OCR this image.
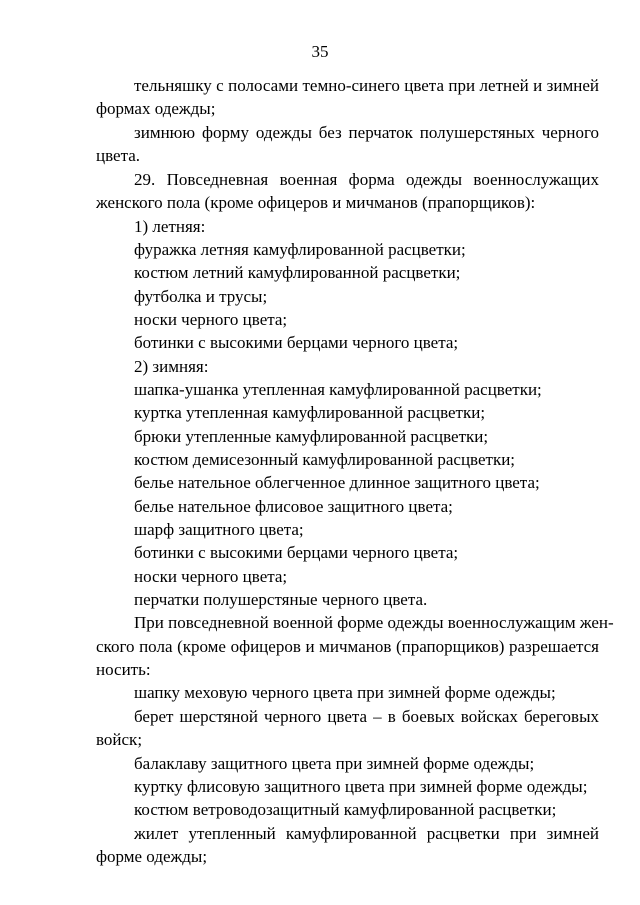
35
тельняшку с полосами темно-синего цвета при летней и зимней
формах одежды;
зимнюю форму одежды без перчаток полушерстяных черного
цвета.
29. Повседневная военная форма одежды военнослужащих
женского пола (кроме офицеров и мичманов (прапорщиков):
1) летняя:
фуражка летняя камуфлированной расцветки;
костюм летний камуфлированной расцветки;
футболка и трусы;
носки черного цвета;
ботинки с высокими берцами черного цвета;
2) зимняя:
шапка-ушанка утепленная камуфлированной расцветки;
куртка утепленная камуфлированной расцветки;
брюки утепленные камуфлированной расцветки;
костюм демисезонный камуфлированной расцветки;
белье нательное облегченное длинное защитного цвета;
белье нательное флисовое защитного цвета;
шарф защитного цвета;
ботинки с высокими берцами черного цвета;
носки черного цвета;
перчатки полушерстяные черного цвета.
При повседневной военной форме одежды военнослужащим жен-
ского пола (кроме офицеров и мичманов (прапорщиков) разрешается
носить:
шапку меховую черного цвета при зимней форме одежды;
берет шерстяной черного цвета – в боевых войсках береговых
войск;
балаклаву защитного цвета при зимней форме одежды;
куртку флисовую защитного цвета при зимней форме одежды;
костюм ветроводозащитный камуфлированной расцветки;
жилет утепленный камуфлированной расцветки при зимней
форме одежды;
